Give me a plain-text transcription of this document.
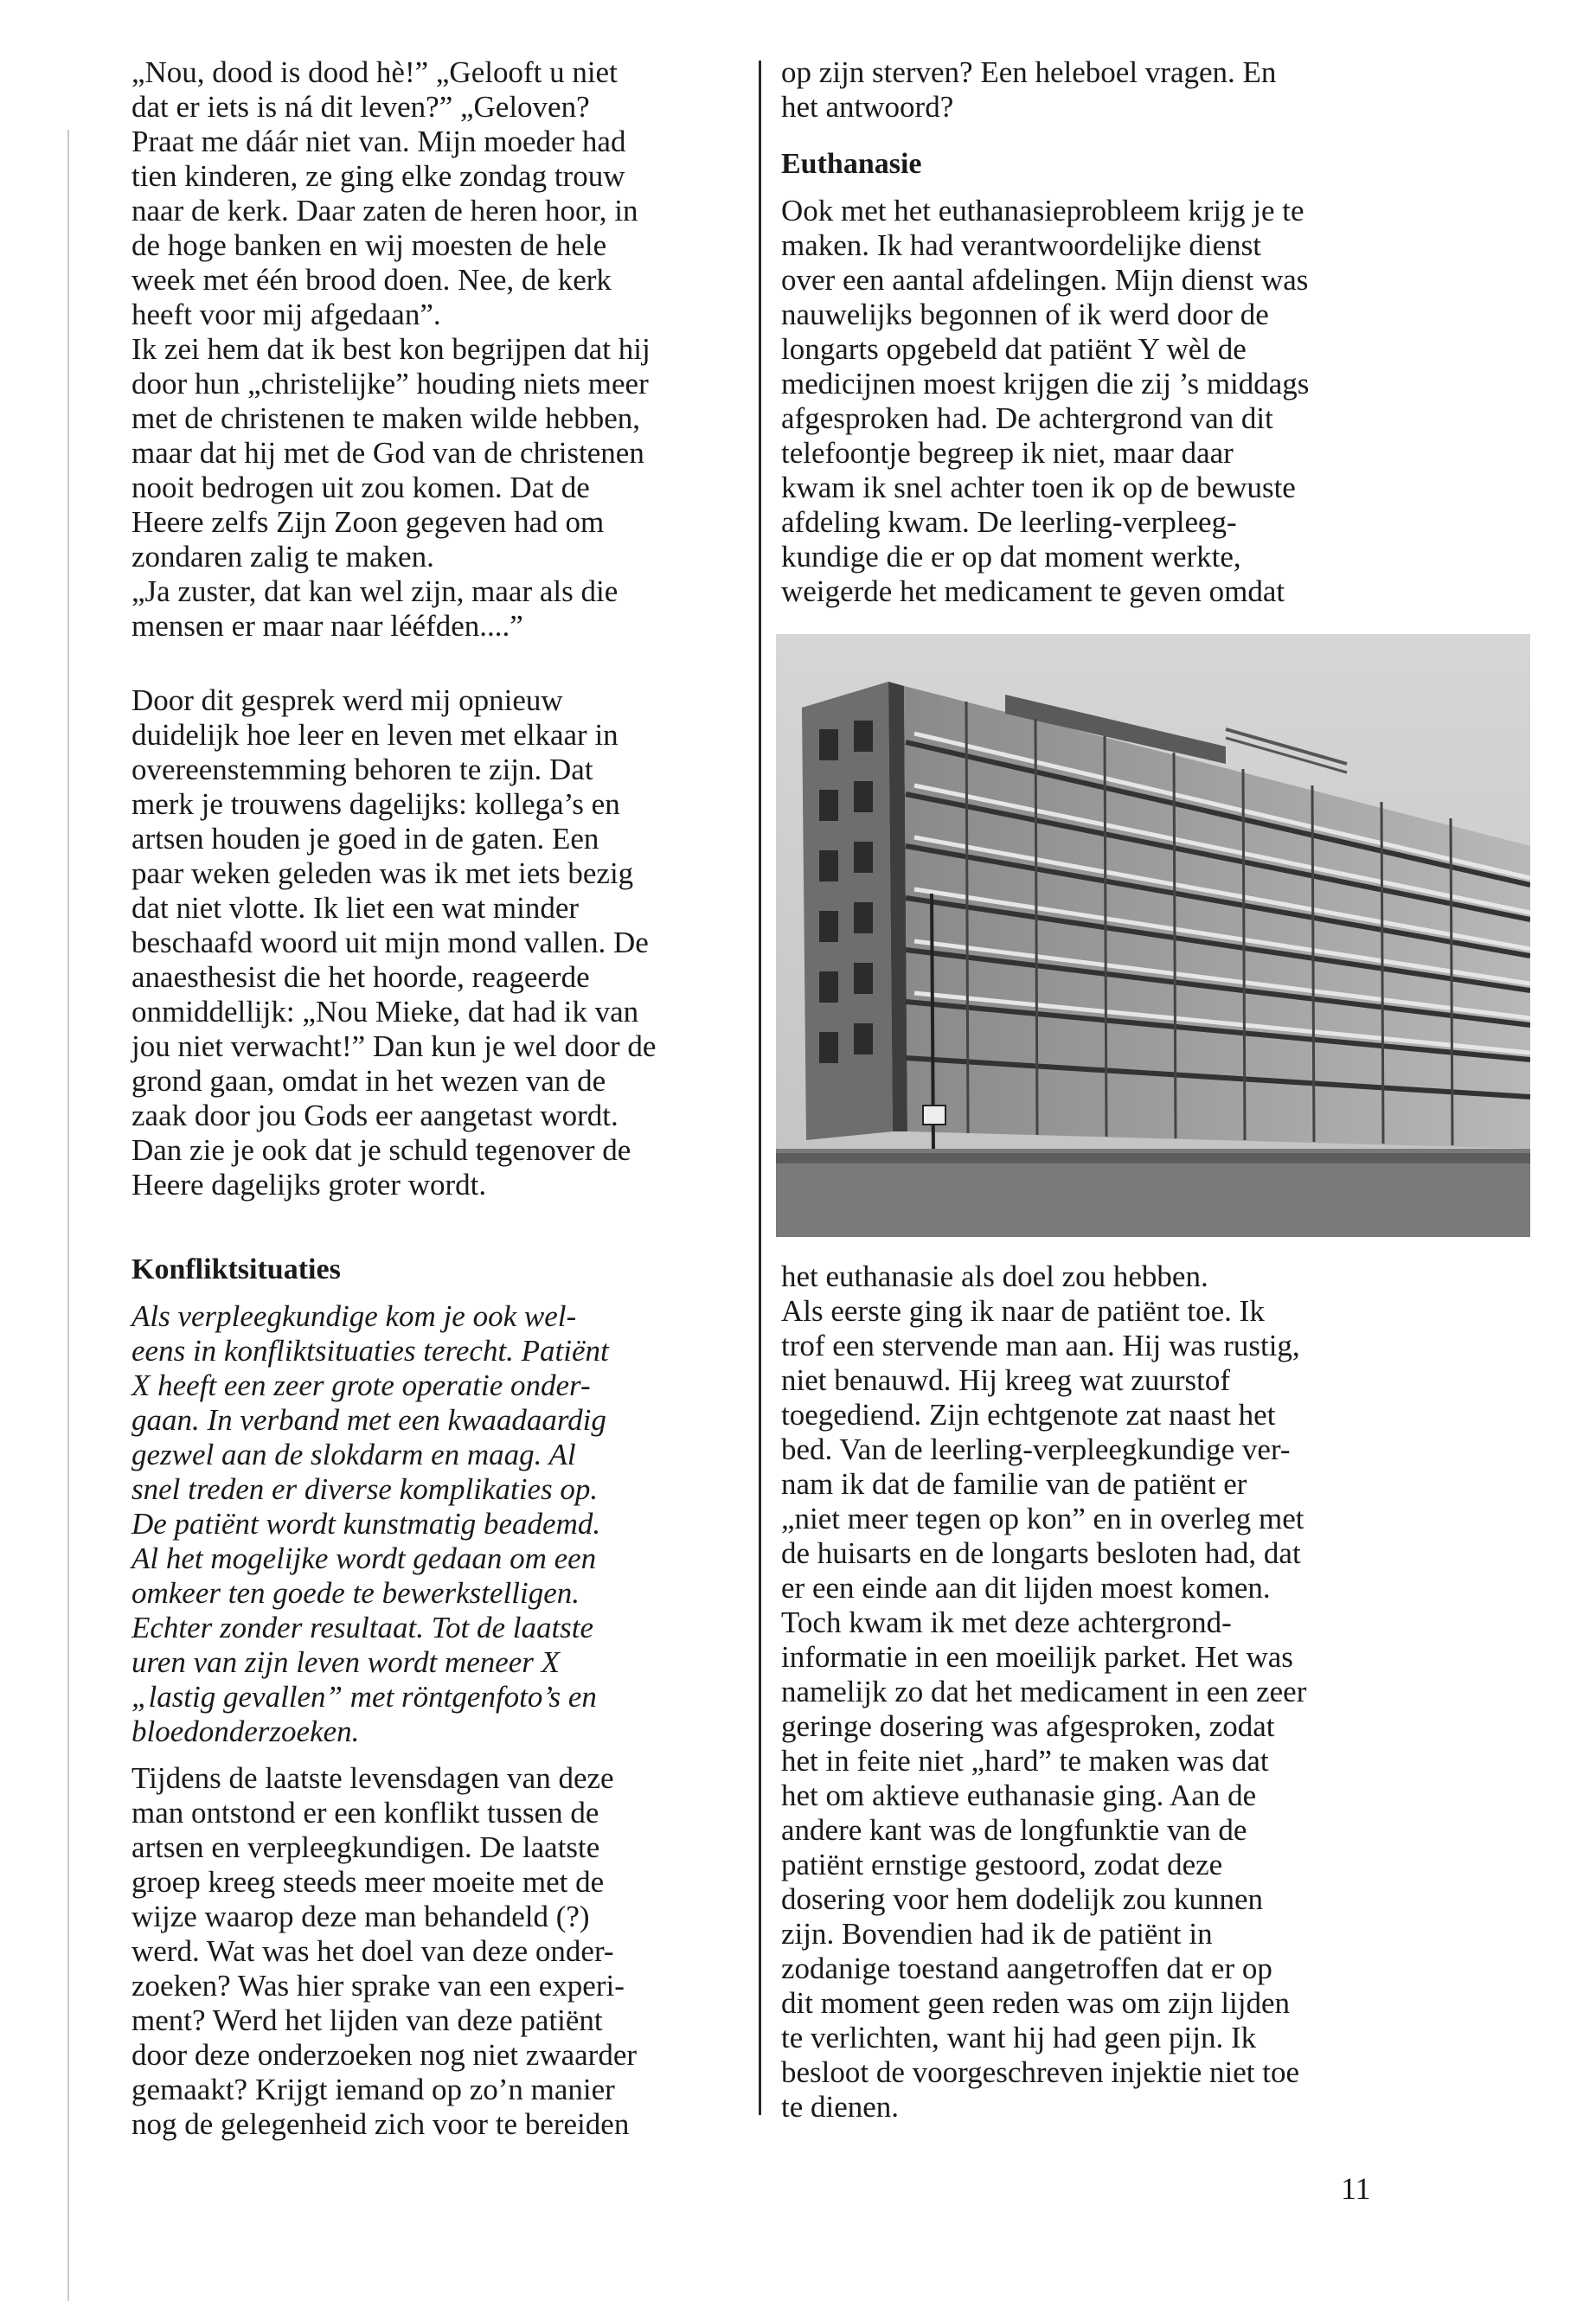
„Nou, dood is dood hè!” „Gelooft u niet
dat er iets is ná dit leven?” „Geloven?
Praat me dáár niet van. Mijn moeder had
tien kinderen, ze ging elke zondag trouw
naar de kerk. Daar zaten de heren hoor, in
de hoge banken en wij moesten de hele
week met één brood doen. Nee, de kerk
heeft voor mij afgedaan”.

Ik zei hem dat ik best kon begrijpen dat hij
door hun „christelijke” houding niets meer
met de christenen te maken wilde hebben,
maar dat hij met de God van de christenen
nooit bedrogen uit zou komen. Dat de
Heere zelfs Zijn Zoon gegeven had om
zondaren zalig te maken.

„Ja zuster, dat kan wel zijn, maar als die
mensen er maar naar lééfden....”

Door dit gesprek werd mij opnieuw
duidelijk hoe leer en leven met elkaar in
overeenstemming behoren te zijn. Dat
merk je trouwens dagelijks: kollega’s en
artsen houden je goed in de gaten. Een
paar weken geleden was ik met iets bezig
dat niet vlotte. Ik liet een wat minder
beschaafd woord uit mijn mond vallen. De
anaesthesist die het hoorde, reageerde
onmiddellijk: „Nou Mieke, dat had ik van
jou niet verwacht!” Dan kun je wel door de
grond gaan, omdat in het wezen van de
zaak door jou Gods eer aangetast wordt.
Dan zie je ook dat je schuld tegenover de
Heere dagelijks groter wordt.

Konfliktsituaties

Als verpleegkundige kom je ook wel-
eens in konfliktsituaties terecht. Patiënt
X heeft een zeer grote operatie onder-
gaan. In verband met een kwaadaardig
gezwel aan de slokdarm en maag. Al
snel treden er diverse komplikaties op.
De patiënt wordt kunstmatig beademd.
Al het mogelijke wordt gedaan om een
omkeer ten goede te bewerkstelligen.
Echter zonder resultaat. Tot de laatste
uren van zijn leven wordt meneer X
„lastig gevallen” met röntgenfoto’s en
bloedonderzoeken.

Tijdens de laatste levensdagen van deze
man ontstond er een konflikt tussen de
artsen en verpleegkundigen. De laatste
groep kreeg steeds meer moeite met de
wijze waarop deze man behandeld (?)
werd. Wat was het doel van deze onder-
zoeken? Was hier sprake van een experi-
ment? Werd het lijden van deze patiënt
door deze onderzoeken nog niet zwaarder
gemaakt? Krijgt iemand op zo’n manier
nog de gelegenheid zich voor te bereiden

op zijn sterven? Een heleboel vragen. En
het antwoord?

Euthanasie

Ook met het euthanasieprobleem krijg je te
maken. Ik had verantwoordelijke dienst
over een aantal afdelingen. Mijn dienst was
nauwelijks begonnen of ik werd door de
longarts opgebeld dat patiënt Y wèl de
medicijnen moest krijgen die zij ’s middags
afgesproken had. De achtergrond van dit
telefoontje begreep ik niet, maar daar
kwam ik snel achter toen ik op de bewuste
afdeling kwam. De leerling-verpleeg-
kundige die er op dat moment werkte,
weigerde het medicament te geven omdat

het euthanasie als doel zou hebben.
Als eerste ging ik naar de patiënt toe. Ik
trof een stervende man aan. Hij was rustig,
niet benauwd. Hij kreeg wat zuurstof
toegediend. Zijn echtgenote zat naast het
bed. Van de leerling-verpleegkundige ver-
nam ik dat de familie van de patiënt er
„niet meer tegen op kon” en in overleg met
de huisarts en de longarts besloten had, dat
er een einde aan dit lijden moest komen.
Toch kwam ik met deze achtergrond-
informatie in een moeilijk parket. Het was
namelijk zo dat het medicament in een zeer
geringe dosering was afgesproken, zodat
het in feite niet „hard” te maken was dat
het om aktieve euthanasie ging. Aan de
andere kant was de longfunktie van de
patiënt ernstige gestoord, zodat deze
dosering voor hem dodelijk zou kunnen
zijn. Bovendien had ik de patiënt in
zodanige toestand aangetroffen dat er op
dit moment geen reden was om zijn lijden
te verlichten, want hij had geen pijn. Ik
besloot de voorgeschreven injektie niet toe
te dienen.

11
